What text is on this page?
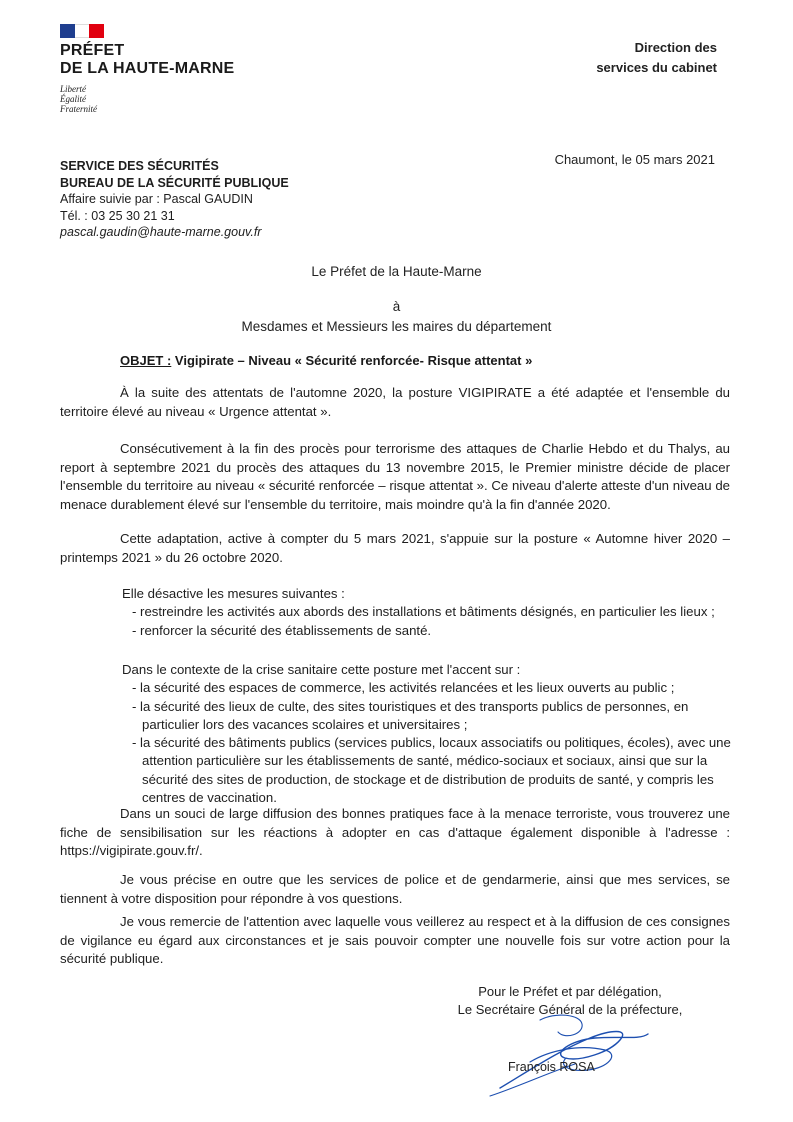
PRÉFET
DE LA HAUTE-MARNE
Liberté
Égalité
Fraternité
Direction des
services du cabinet
SERVICE DES SÉCURITÉS
BUREAU DE LA SÉCURITÉ PUBLIQUE
Affaire suivie par : Pascal GAUDIN
Tél. : 03 25 30 21 31
pascal.gaudin@haute-marne.gouv.fr
Chaumont, le 05 mars 2021
Le Préfet de la Haute-Marne
à
Mesdames et Messieurs les maires du département
OBJET : Vigipirate – Niveau « Sécurité renforcée- Risque attentat »
À la suite des attentats de l'automne 2020, la posture VIGIPIRATE a été adaptée et l'ensemble du territoire élevé au niveau « Urgence attentat ».
Consécutivement à la fin des procès pour terrorisme des attaques de Charlie Hebdo et du Thalys, au report à septembre 2021 du procès des attaques du 13 novembre 2015, le Premier ministre décide de placer l'ensemble du territoire au niveau « sécurité renforcée – risque attentat ». Ce niveau d'alerte atteste d'un niveau de menace durablement élevé sur l'ensemble du territoire, mais moindre qu'à la fin d'année 2020.
Cette adaptation, active à compter du 5 mars 2021, s'appuie sur la posture « Automne hiver 2020 – printemps 2021 » du 26 octobre 2020.
Elle désactive les mesures suivantes :
- restreindre les activités aux abords des installations et bâtiments désignés, en particulier les lieux ;
- renforcer la sécurité des établissements de santé.
Dans le contexte de la crise sanitaire cette posture met l'accent sur :
- la sécurité des espaces de commerce, les activités relancées et les lieux ouverts au public ;
- la sécurité des lieux de culte, des sites touristiques et des transports publics de personnes, en particulier lors des vacances scolaires et universitaires ;
- la sécurité des bâtiments publics (services publics, locaux associatifs ou politiques, écoles), avec une attention particulière sur les établissements de santé, médico-sociaux et sociaux, ainsi que sur la sécurité des sites de production, de stockage et de distribution de produits de santé, y compris les centres de vaccination.
Dans un souci de large diffusion des bonnes pratiques face à la menace terroriste, vous trouverez une fiche de sensibilisation sur les réactions à adopter en cas d'attaque également disponible à l'adresse : https://vigipirate.gouv.fr/.
Je vous précise en outre que les services de police et de gendarmerie, ainsi que mes services, se tiennent à votre disposition pour répondre à vos questions.
Je vous remercie de l'attention avec laquelle vous veillerez au respect et à la diffusion de ces consignes de vigilance eu égard aux circonstances et je sais pouvoir compter une nouvelle fois sur votre action pour la sécurité publique.
Pour le Préfet et par délégation,
Le Secrétaire Général de la préfecture,
François ROSA
